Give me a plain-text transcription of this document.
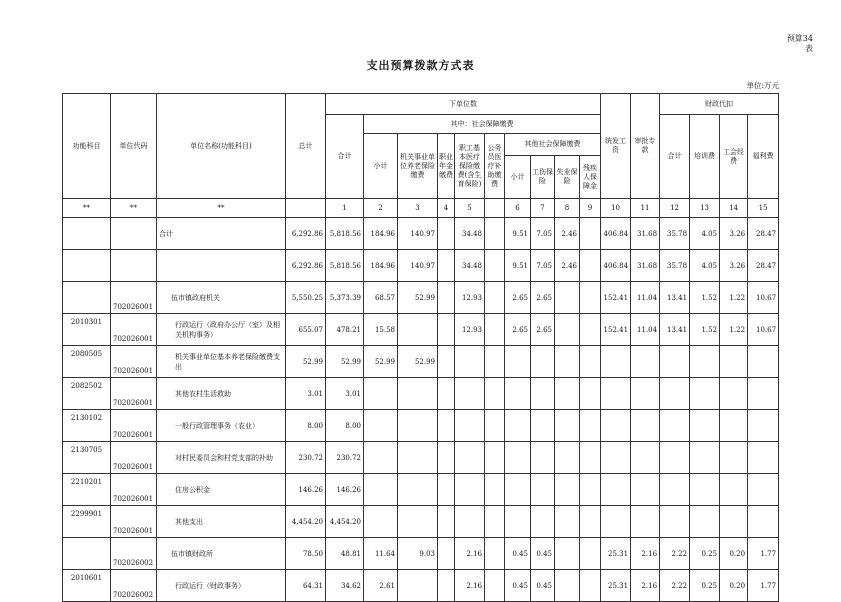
预算34
表
支出预算拨款方式表
单位:万元
功能科目	单位代码	单位名称(功能科目)	总计	下单位数										统发工资	审批专款	财政代扣			
				合计	其中：社会保障缴费											合计	培训费	工会经费	福利费
					小计	机关事业单位养老保险缴费	职业年金缴费	职工基本医疗保险缴费(含生育保险)	公务员医疗补助缴费	其他社会保障缴费									
										小计	工伤保险	失业保险	残疾人保障金						
**	**	**		1	2	3	4	5		6	7	8	9	10	11	12	13	14	15
		合计	6,292.86	5,818.56	184.96	140.97		34.48		9.51	7.05	2.46		406.84	31.68	35.78	4.05	3.26	28.47
			6,292.86	5,818.56	184.96	140.97		34.48		9.51	7.05	2.46		406.84	31.68	35.78	4.05	3.26	28.47
	702026001	伍市镇政府机关	5,550.25	5,373.39	68.57	52.99		12.93		2.65	2.65			152.41	11.04	13.41	1.52	1.22	10.67
2010301	702026001	行政运行（政府办公厅（室）及相关机构事务）	655.07	478.21	15.58			12.93		2.65	2.65			152.41	11.04	13.41	1.52	1.22	10.67
2080505	702026001	机关事业单位基本养老保险缴费支出	52.99	52.99	52.99	52.99													
2082502	702026001	其他农村生活救助	3.01	3.01															
2130102	702026001	一般行政管理事务（农业）	8.00	8.00															
2130705	702026001	对村民委员会和村党支部的补助	230.72	230.72															
2210201	702026001	住房公积金	146.26	146.26															
2299901	702026001	其他支出	4,454.20	4,454.20															
	702026002	伍市镇财政所	78.50	48.81	11.64	9.03		2.16		0.45	0.45			25.31	2.16	2.22	0.25	0.20	1.77
2010601	702026002	行政运行（财政事务）	64.31	34.62	2.61			2.16		0.45	0.45			25.31	2.16	2.22	0.25	0.20	1.77
